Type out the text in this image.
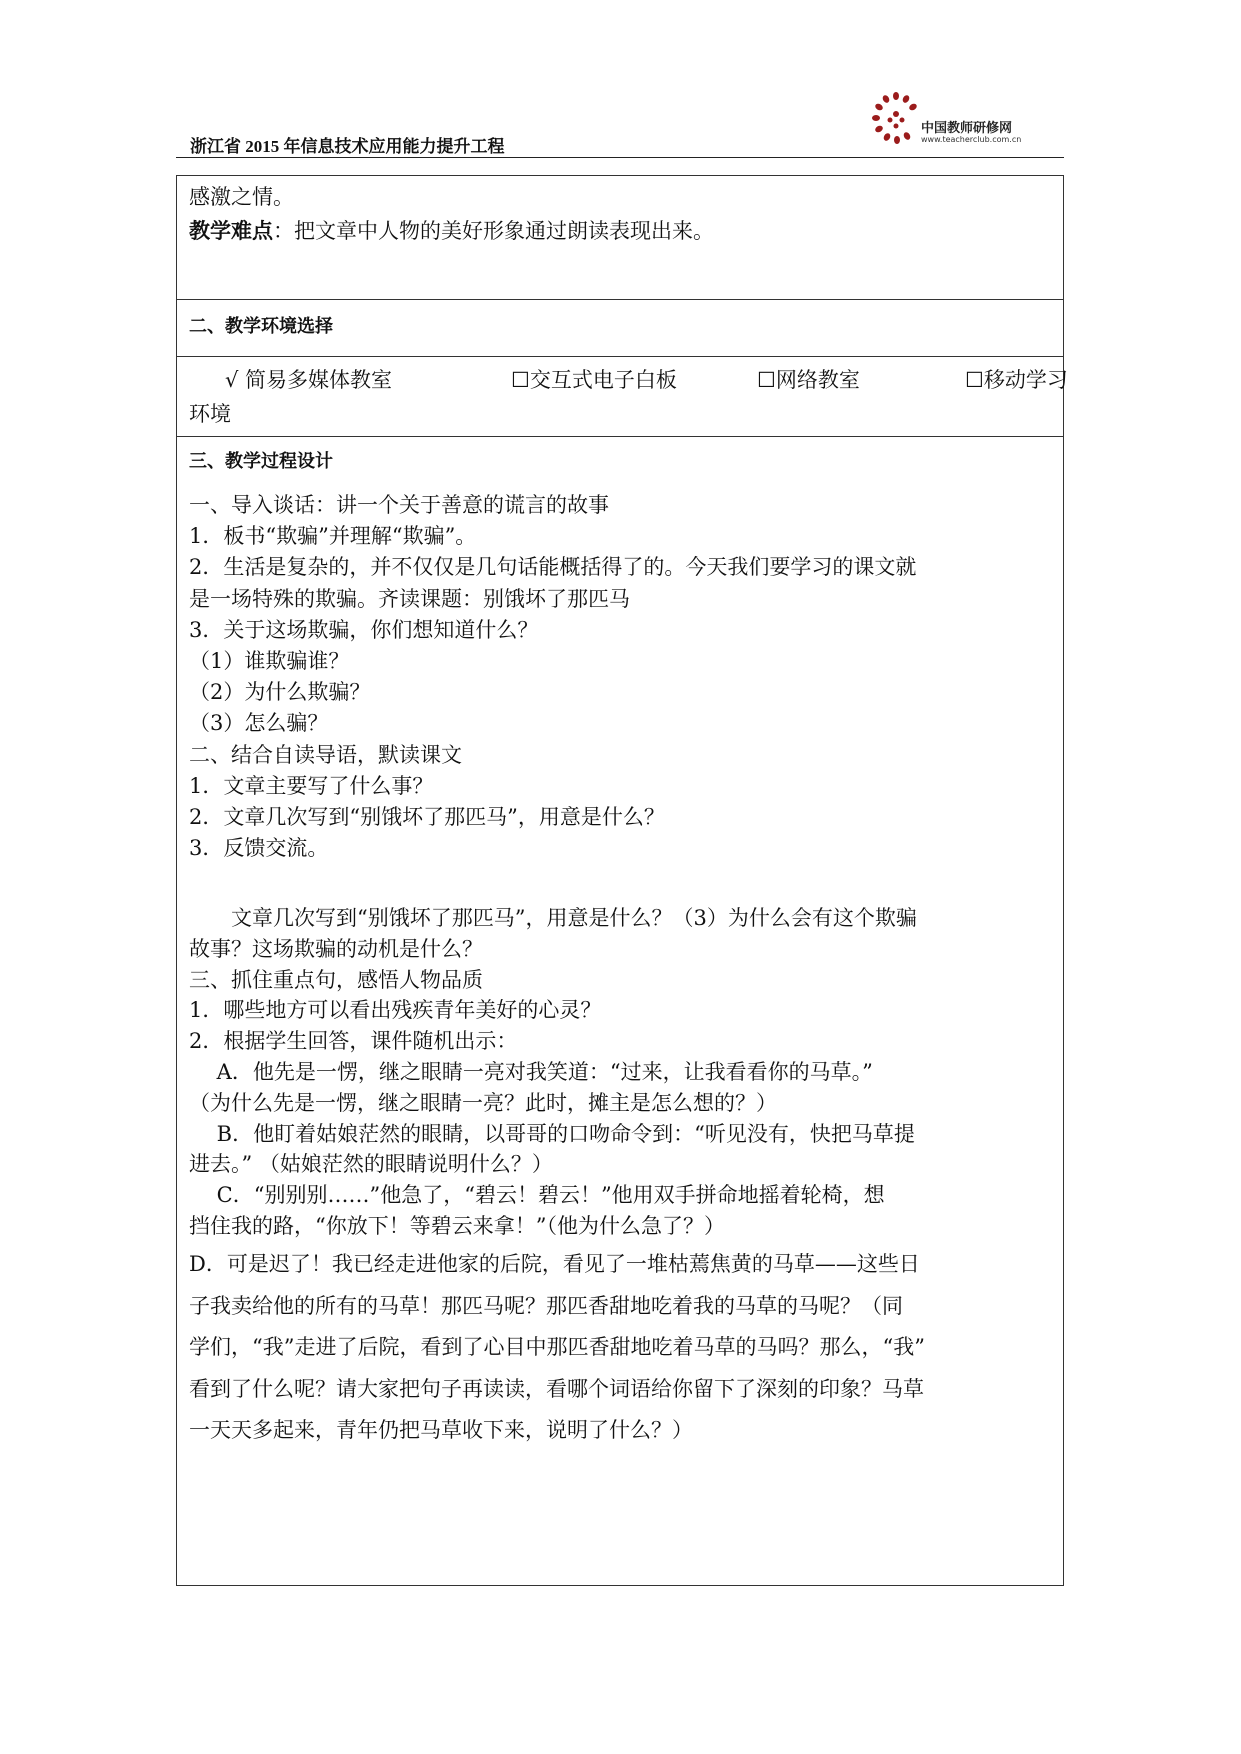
中国教师研修网
www.teacherclub.com.cn
浙江省 2015 年信息技术应用能力提升工程
感激之情。
教学难点：把文章中人物的美好形象通过朗读表现出来。
二、教学环境选择
√ 简易多媒体教室	☐交互式电子白板	☐网络教室	☐移动学习
环境
三、教学过程设计
一、导入谈话：讲一个关于善意的谎言的故事
1．板书“欺骗”并理解“欺骗”。
2．生活是复杂的，并不仅仅是几句话能概括得了的。今天我们要学习的课文就
是一场特殊的欺骗。齐读课题：别饿坏了那匹马
3．关于这场欺骗，你们想知道什么？
（1）谁欺骗谁？
（2）为什么欺骗？
（3）怎么骗？
二、结合自读导语，默读课文
1．文章主要写了什么事？
2．文章几次写到“别饿坏了那匹马”，用意是什么？
3．反馈交流。
　　文章几次写到“别饿坏了那匹马”，用意是什么？（3）为什么会有这个欺骗
故事？这场欺骗的动机是什么？
三、抓住重点句，感悟人物品质
1．哪些地方可以看出残疾青年美好的心灵？
2．根据学生回答，课件随机出示：
　 A．他先是一愣，继之眼睛一亮对我笑道：“过来，让我看看你的马草。”
（为什么先是一愣，继之眼睛一亮？此时，摊主是怎么想的？）
　 B．他盯着姑娘茫然的眼睛，以哥哥的口吻命令到：“听见没有，快把马草提
进去。” （姑娘茫然的眼睛说明什么？）
　 C．“别别别……”他急了，“碧云！碧云！”他用双手拼命地摇着轮椅，想
挡住我的路，“你放下！等碧云来拿！”（他为什么急了？）
D．可是迟了！我已经走进他家的后院，看见了一堆枯蔫焦黄的马草——这些日
子我卖给他的所有的马草！那匹马呢？那匹香甜地吃着我的马草的马呢？（同
学们，“我”走进了后院，看到了心目中那匹香甜地吃着马草的马吗？那么，“我”
看到了什么呢？请大家把句子再读读，看哪个词语给你留下了深刻的印象？马草
一天天多起来，青年仍把马草收下来，说明了什么？）
